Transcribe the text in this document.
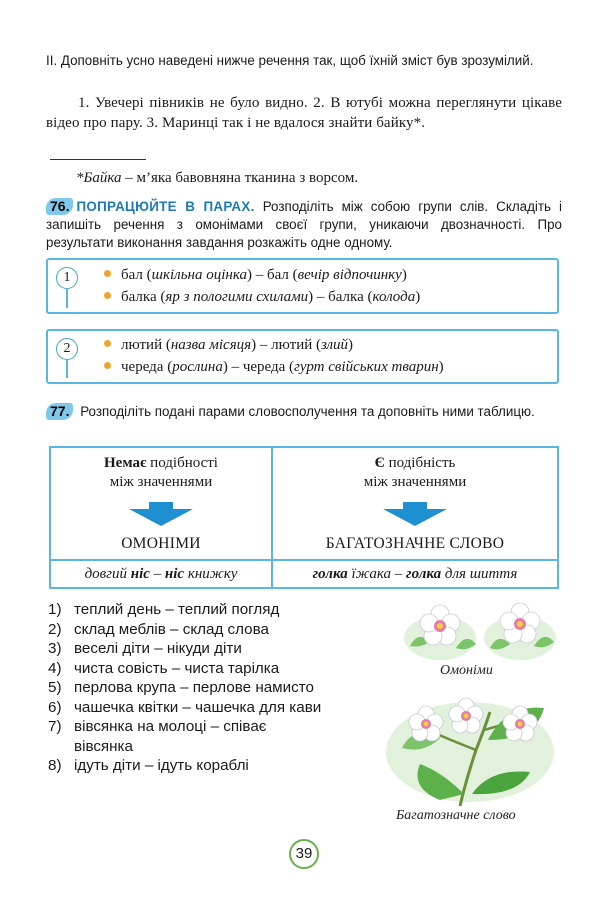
ІІ. Доповніть усно наведені нижче речення так, щоб їхній зміст був зрозумілий.
1. Увечері півників не було видно. 2. В ютубі можна переглянути цікаве відео про пару. 3. Маринці так і не вдалося знайти байку*.
*Байка – м’яка бавовняна тканина з ворсом.
76. ПОПРАЦЮЙТЕ В ПАРАХ. Розподіліть між собою групи слів. Складіть і запишіть речення з омонімами своєї групи, уникаючи двозначності. Про результати виконання завдання розкажіть одне одному.
1	бал (шкільна оцінка) – бал (вечір відпочинку)
балка (яр з пологими схилами) – балка (колода)
2	лютий (назва місяця) – лютий (злий)
череда (рослина) – череда (гурт свійських тварин)
77. Розподіліть подані парами словосполучення та доповніть ними таблицю.
Немає подібності
між значеннями
ОМОНІМИ
Є подібність
між значеннями
БАГАТОЗНАЧНЕ СЛОВО
довгий ніс – ніс книжку	голка їжака – голка для шиття
1) теплий день – теплий погляд
2) склад меблів – склад слова
3) веселі діти – нікуди діти
4) чиста совість – чиста тарілка
5) перлова крупа – перлове намисто
6) чашечка квітки – чашечка для кави
7) вівсянка на молоці – співає вівсянка
8) ідуть діти – ідуть кораблі
Омоніми
Багатозначне слово
39
